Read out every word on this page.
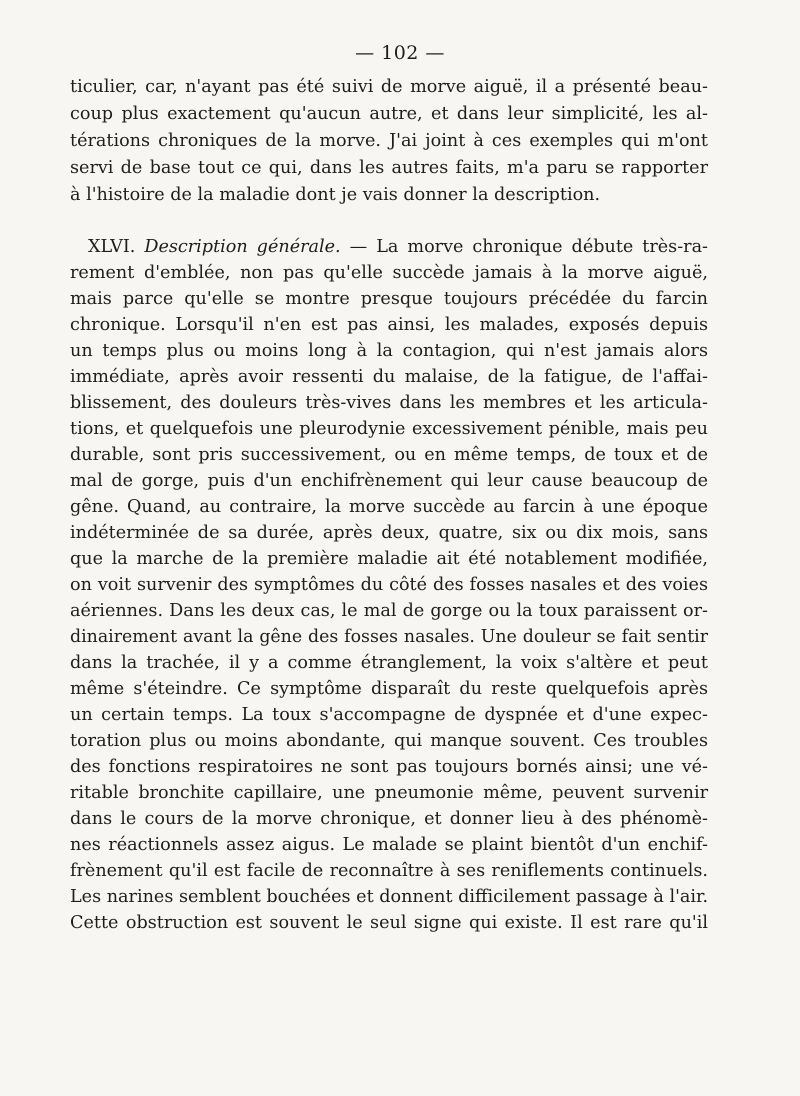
— 102 —
ticulier, car, n'ayant pas été suivi de morve aiguë, il a présenté beau-
coup plus exactement qu'aucun autre, et dans leur simplicité, les al-
térations chroniques de la morve. J'ai joint à ces exemples qui m'ont
servi de base tout ce qui, dans les autres faits, m'a paru se rapporter
à l'histoire de la maladie dont je vais donner la description.
XLVI. Description générale. — La morve chronique débute très-ra-
rement d'emblée, non pas qu'elle succède jamais à la morve aiguë,
mais parce qu'elle se montre presque toujours précédée du farcin
chronique. Lorsqu'il n'en est pas ainsi, les malades, exposés depuis
un temps plus ou moins long à la contagion, qui n'est jamais alors
immédiate, après avoir ressenti du malaise, de la fatigue, de l'affai-
blissement, des douleurs très-vives dans les membres et les articula-
tions, et quelquefois une pleurodynie excessivement pénible, mais peu
durable, sont pris successivement, ou en même temps, de toux et de
mal de gorge, puis d'un enchifrènement qui leur cause beaucoup de
gêne. Quand, au contraire, la morve succède au farcin à une époque
indéterminée de sa durée, après deux, quatre, six ou dix mois, sans
que la marche de la première maladie ait été notablement modifiée,
on voit survenir des symptômes du côté des fosses nasales et des voies
aériennes. Dans les deux cas, le mal de gorge ou la toux paraissent or-
dinairement avant la gêne des fosses nasales. Une douleur se fait sentir
dans la trachée, il y a comme étranglement, la voix s'altère et peut
même s'éteindre. Ce symptôme disparaît du reste quelquefois après
un certain temps. La toux s'accompagne de dyspnée et d'une expec-
toration plus ou moins abondante, qui manque souvent. Ces troubles
des fonctions respiratoires ne sont pas toujours bornés ainsi; une vé-
ritable bronchite capillaire, une pneumonie même, peuvent survenir
dans le cours de la morve chronique, et donner lieu à des phénomè-
nes réactionnels assez aigus. Le malade se plaint bientôt d'un enchif-
frènement qu'il est facile de reconnaître à ses reniflements continuels.
Les narines semblent bouchées et donnent difficilement passage à l'air.
Cette obstruction est souvent le seul signe qui existe. Il est rare qu'il
